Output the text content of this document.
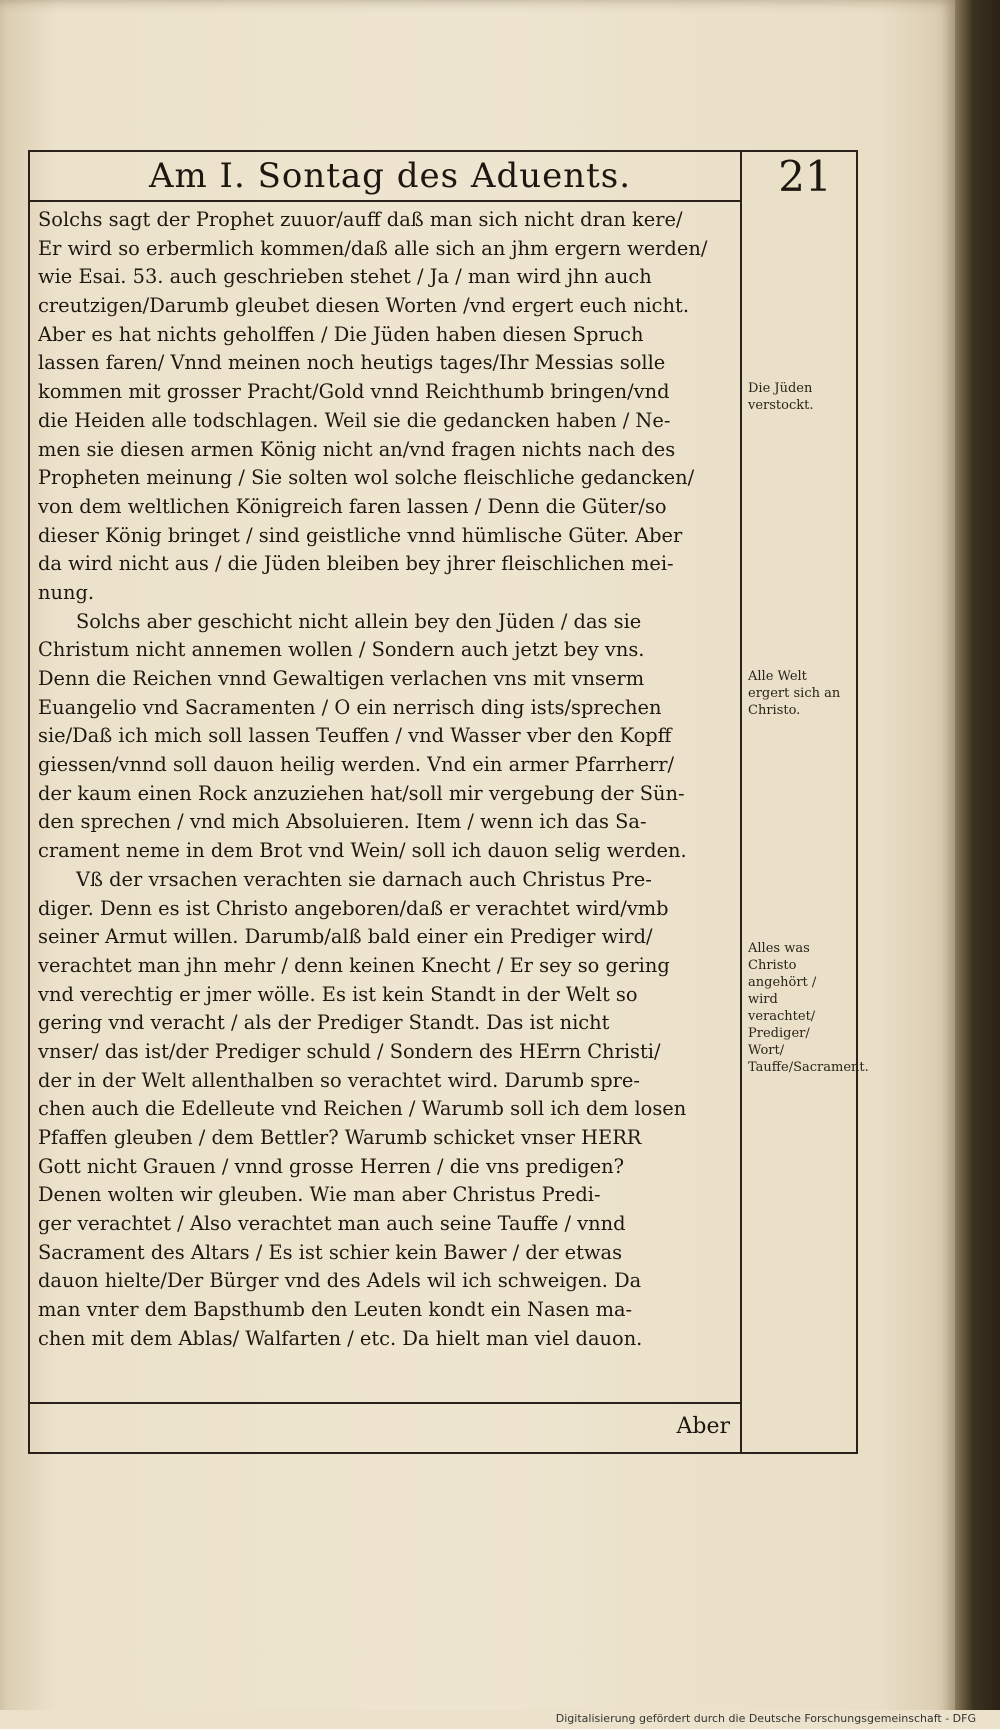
Am I. Sontag des Aduents.	21
Solchs sagt der Prophet zuuor/auff daß man sich nicht dran kere/
Er wird so erbermlich kommen/daß alle sich an jhm ergern werden/
wie Esai. 53. auch geschrieben stehet / Ja / man wird jhn auch
creutzigen/Darumb gleubet diesen Worten /vnd ergert euch nicht.
Aber es hat nichts geholffen / Die Jüden haben diesen Spruch
lassen faren/ Vnnd meinen noch heutigs tages/Ihr Messias solle
kommen mit grosser Pracht/Gold vnnd Reichthumb bringen/vnd
die Heiden alle todschlagen. Weil sie die gedancken haben / Ne-
men sie diesen armen König nicht an/vnd fragen nichts nach des
Propheten meinung / Sie solten wol solche fleischliche gedancken/
von dem weltlichen Königreich faren lassen / Denn die Güter/so
dieser König bringet / sind geistliche vnnd hümlische Güter. Aber
da wird nicht aus / die Jüden bleiben bey jhrer fleischlichen mei-
nung.
Solchs aber geschicht nicht allein bey den Jüden / das sie
Christum nicht annemen wollen / Sondern auch jetzt bey vns.
Denn die Reichen vnnd Gewaltigen verlachen vns mit vnserm
Euangelio vnd Sacramenten / O ein nerrisch ding ists/sprechen
sie/Daß ich mich soll lassen Teuffen / vnd Wasser vber den Kopff
giessen/vnnd soll dauon heilig werden. Vnd ein armer Pfarrherr/
der kaum einen Rock anzuziehen hat/soll mir vergebung der Sün-
den sprechen / vnd mich Absoluieren. Item / wenn ich das Sa-
crament neme in dem Brot vnd Wein/ soll ich dauon selig werden.
Vß der vrsachen verachten sie darnach auch Christus Pre-
diger. Denn es ist Christo angeboren/daß er verachtet wird/vmb
seiner Armut willen. Darumb/alß bald einer ein Prediger wird/
verachtet man jhn mehr / denn keinen Knecht / Er sey so gering
vnd verechtig er jmer wölle. Es ist kein Standt in der Welt so
gering vnd veracht / als der Prediger Standt. Das ist nicht
vnser/ das ist/der Prediger schuld / Sondern des HErrn Christi/
der in der Welt allenthalben so verachtet wird. Darumb spre-
chen auch die Edelleute vnd Reichen / Warumb soll ich dem losen
Pfaffen gleuben / dem Bettler? Warumb schicket vnser HERR
Gott nicht Grauen / vnnd grosse Herren / die vns predigen?
Denen wolten wir gleuben. Wie man aber Christus Predi-
ger verachtet / Also verachtet man auch seine Tauffe / vnnd
Sacrament des Altars / Es ist schier kein Bawer / der etwas
dauon hielte/Der Bürger vnd des Adels wil ich schweigen. Da
man vnter dem Bapsthumb den Leuten kondt ein Nasen ma-
chen mit dem Ablas/ Walfarten / etc. Da hielt man viel dauon.
Aber
Die Jüden verstockt.
Alle Welt ergert sich an Christo.
Alles was Christo angehört / wird verachtet/ Prediger/ Wort/ Tauffe/Sacrament.
Digitalisierung gefördert durch die Deutsche Forschungsgemeinschaft - DFG
